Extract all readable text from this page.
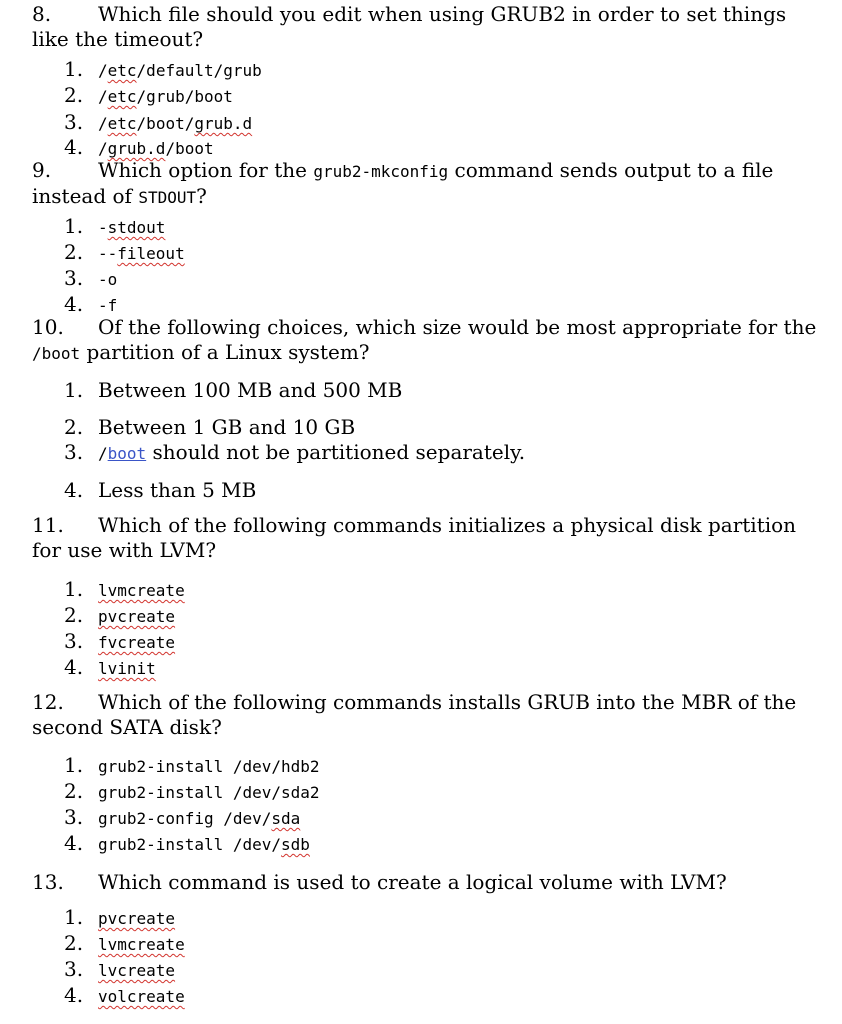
8. Which file should you edit when using GRUB2 in order to set things like the timeout?

1. /etc/default/grub
2. /etc/grub/boot
3. /etc/boot/grub.d
4. /grub.d/boot

9. Which option for the grub2-mkconfig command sends output to a file instead of STDOUT?

1. -stdout
2. --fileout
3. -o
4. -f

10. Of the following choices, which size would be most appropriate for the /boot partition of a Linux system?

1. Between 100 MB and 500 MB
2. Between 1 GB and 10 GB
3. /boot should not be partitioned separately.
4. Less than 5 MB

11. Which of the following commands initializes a physical disk partition for use with LVM?

1. lvmcreate
2. pvcreate
3. fvcreate
4. lvinit

12. Which of the following commands installs GRUB into the MBR of the second SATA disk?

1. grub2-install /dev/hdb2
2. grub2-install /dev/sda2
3. grub2-config /dev/sda
4. grub2-install /dev/sdb

13. Which command is used to create a logical volume with LVM?

1. pvcreate
2. lvmcreate
3. lvcreate
4. volcreate
